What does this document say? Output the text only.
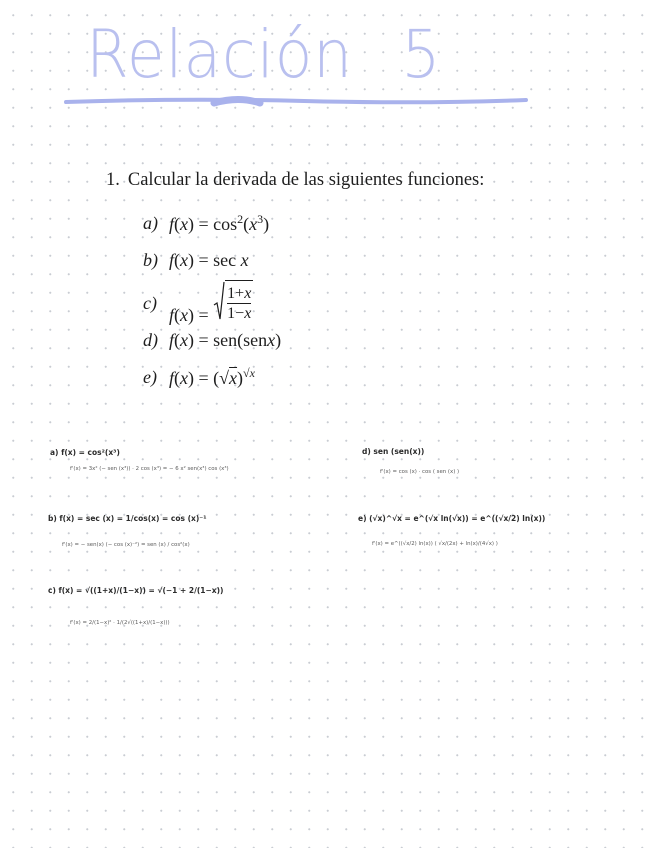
Relación 5
1. Calcular la derivada de las siguientes funciones:
a) $f(x) = \cos^2(x^3)$
b) f(x) = sec x
c)
$f(x) = \frac{1+x}{1-x}$
d) f(x) = sen(senx)
e) $f(x) = (√x)^{√x}$
a) f(x) = cos²(x³)
f'(x) = 3x² (− sen (x³)) · 2 cos (x³) = − 6 x² sen(x³) cos (x³)
b) f(x) = sec (x) = 1/cos(x) = cos (x)⁻¹
f'(x) = − sen(x) (− cos (x)⁻²) = sen (x) / cos²(x)
c) f(x) = √((1+x)/(1−x)) = √(−1 + 2/(1−x))
f'(x) = 2/(1−x)² · 1/(2√((1+x)/(1−x)))
d) sen (sen(x))
f'(x) = cos (x) · cos ( sen (x) )
e) (√x)^√x = e^(√x ln(√x)) = e^((√x/2) ln(x))
f'(x) = e^((√x/2) ln(x)) ( √x/(2x) + ln(x)/(4√x) )
